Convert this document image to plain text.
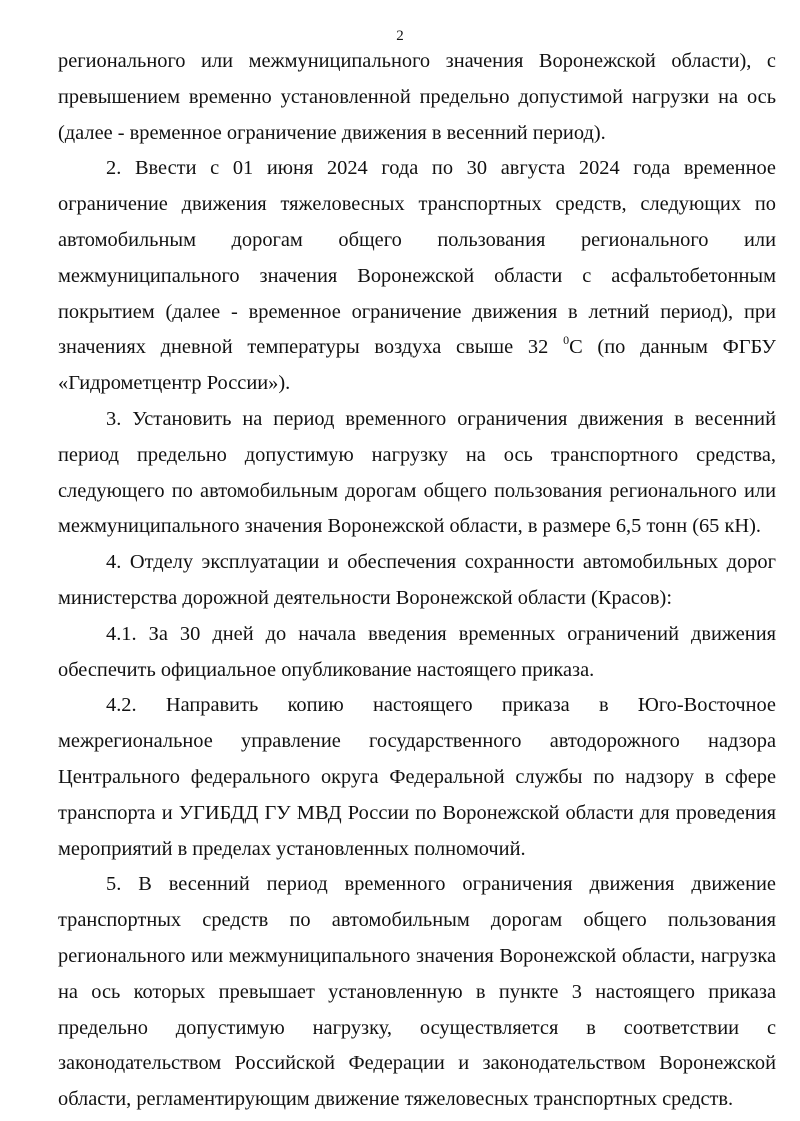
2

регионального или межмуниципального значения Воронежской области), с превышением временно установленной предельно допустимой нагрузки на ось (далее - временное ограничение движения в весенний период).

2. Ввести с 01 июня 2024 года по 30 августа 2024 года временное ограничение движения тяжеловесных транспортных средств, следующих по автомобильным дорогам общего пользования регионального или межмуниципального значения Воронежской области с асфальтобетонным покрытием (далее - временное ограничение движения в летний период), при значениях дневной температуры воздуха свыше 32 $^0$С (по данным ФГБУ «Гидрометцентр России»).

3. Установить на период временного ограничения движения в весенний период предельно допустимую нагрузку на ось транспортного средства, следующего по автомобильным дорогам общего пользования регионального или межмуниципального значения Воронежской области, в размере 6,5 тонн (65 кН).

4. Отделу эксплуатации и обеспечения сохранности автомобильных дорог министерства дорожной деятельности Воронежской области (Красов):

4.1. За 30 дней до начала введения временных ограничений движения обеспечить официальное опубликование настоящего приказа.

4.2. Направить копию настоящего приказа в Юго-Восточное межрегиональное управление государственного автодорожного надзора Центрального федерального округа Федеральной службы по надзору в сфере транспорта и УГИБДД ГУ МВД России по Воронежской области для проведения мероприятий в пределах установленных полномочий.

5. В весенний период временного ограничения движения движение транспортных средств по автомобильным дорогам общего пользования регионального или межмуниципального значения Воронежской области, нагрузка на ось которых превышает установленную в пункте 3 настоящего приказа предельно допустимую нагрузку, осуществляется в соответствии с законодательством Российской Федерации и законодательством Воронежской области, регламентирующим движение тяжеловесных транспортных средств.
